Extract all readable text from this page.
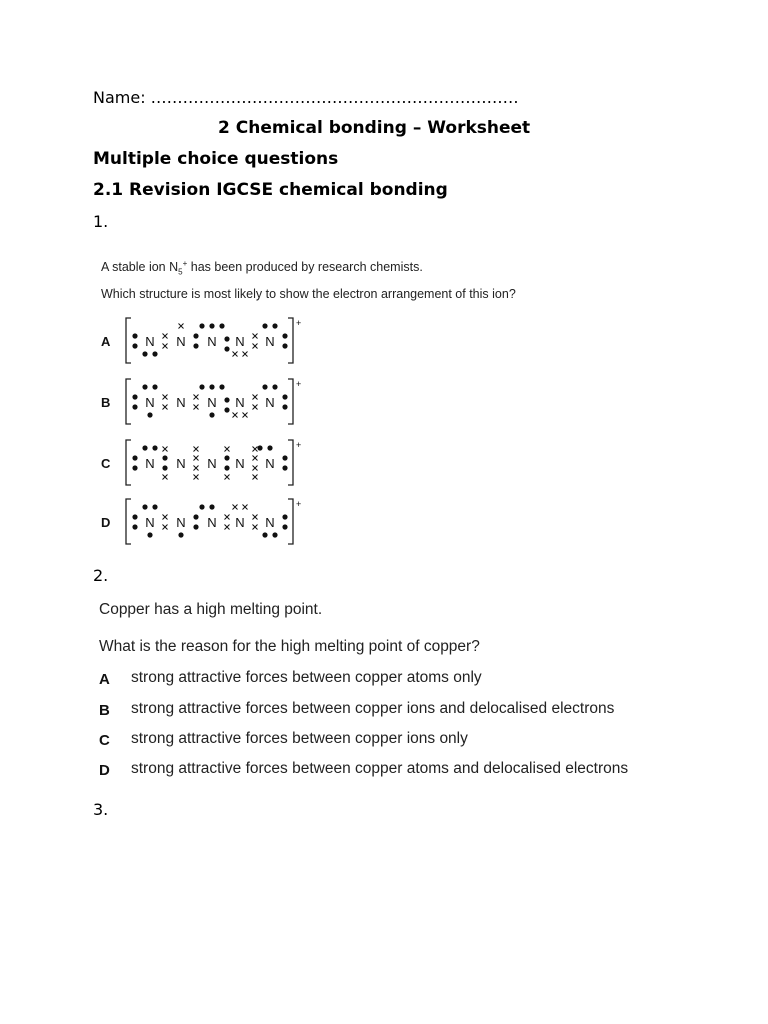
Name: ……………………………………………………………
2 Chemical bonding – Worksheet
Multiple choice questions
2.1 Revision IGCSE chemical bonding
1.
A stable ion $N_5^+$ has been produced by research chemists.
Which structure is most likely to show the electron arrangement of this ion?
A
+
N N N N N
B
+
N N N N N
C
+
N N N N N
D
+
N N N N N
2.
Copper has a high melting point.
What is the reason for the high melting point of copper?
A strong attractive forces between copper atoms only
B strong attractive forces between copper ions and delocalised electrons
C strong attractive forces between copper ions only
D strong attractive forces between copper atoms and delocalised electrons
3.
